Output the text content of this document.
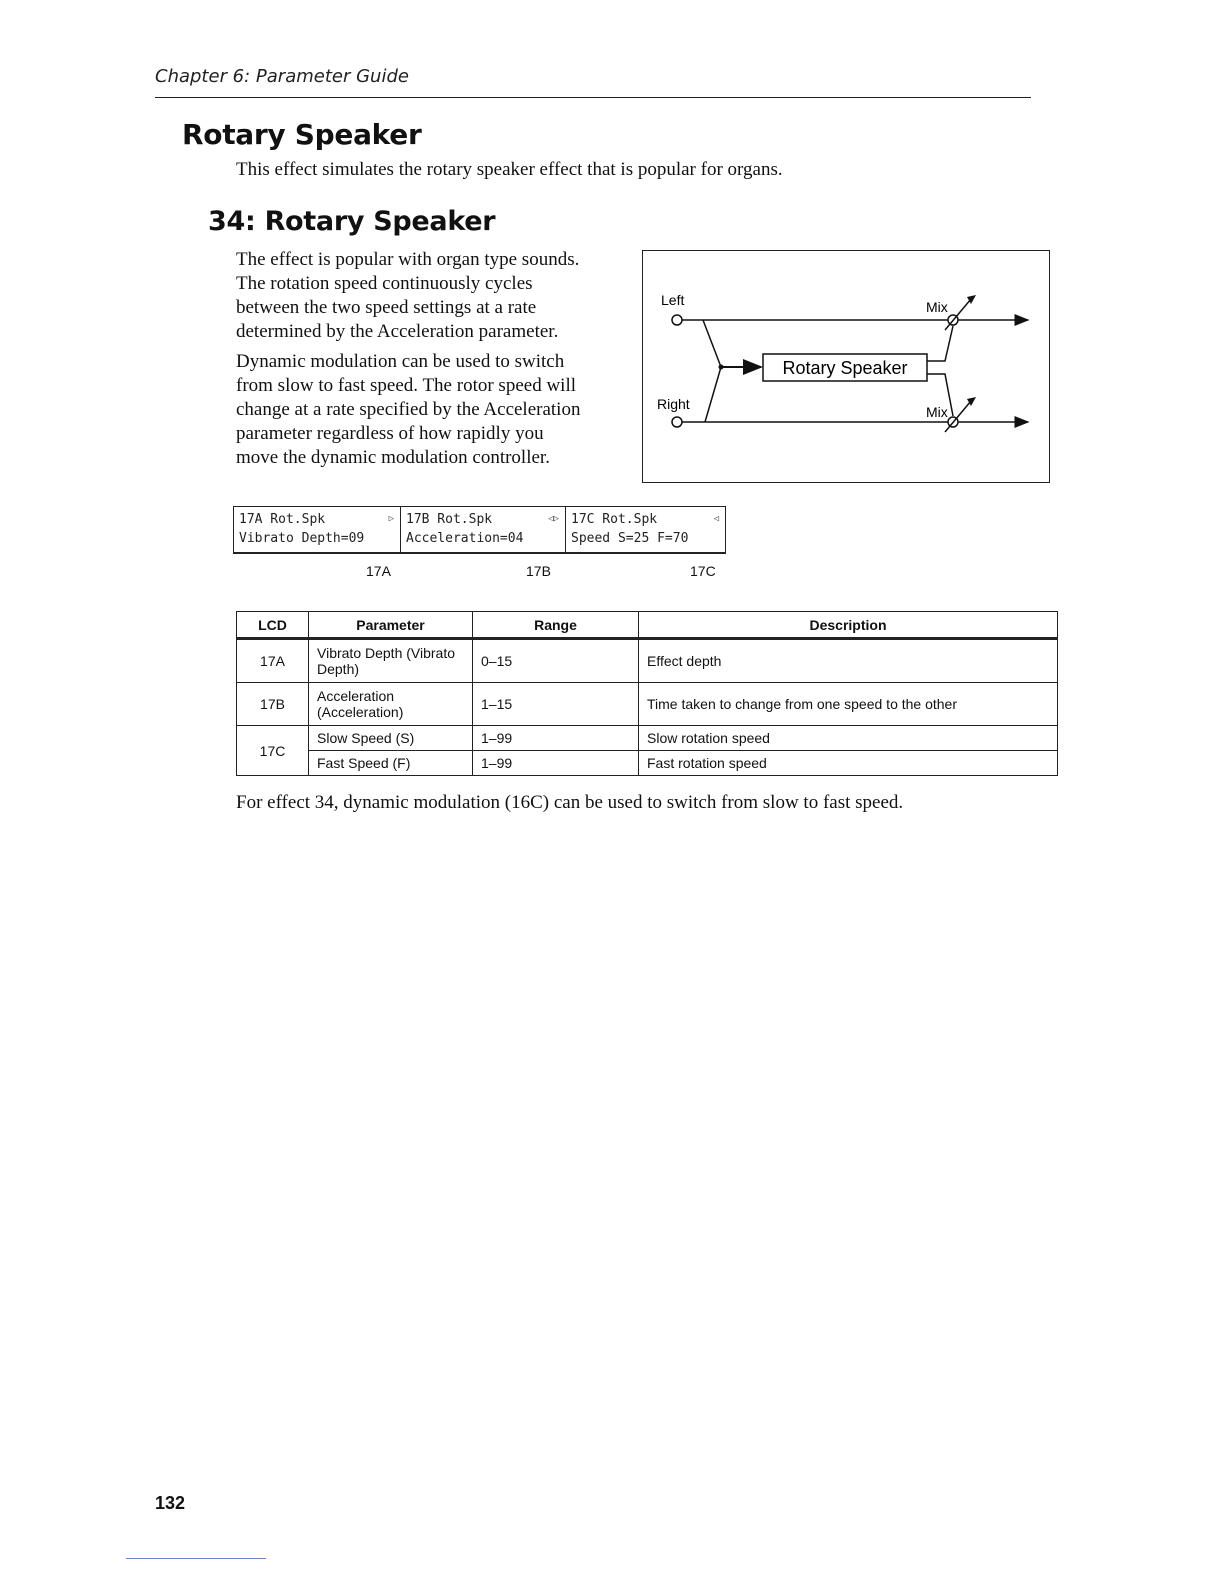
Chapter 6: Parameter Guide
Rotary Speaker
This effect simulates the rotary speaker effect that is popular for organs.
34: Rotary Speaker
The effect is popular with organ type sounds.
The rotation speed continuously cycles
between the two speed settings at a rate
determined by the Acceleration parameter.
Dynamic modulation can be used to switch
from slow to fast speed. The rotor speed will
change at a rate specified by the Acceleration
parameter regardless of how rapidly you
move the dynamic modulation controller.
Left
Right
Rotary Speaker
Mix
Mix
17A Rot.Spk
Vibrato Depth=09
▷ 17B Rot.Spk
Acceleration=04
◁▷ 17C Rot.Spk
Speed S=25 F=70
◁
17A	17B	17C
LCD	Parameter	Range	Description
17A	Vibrato Depth (Vibrato
Depth)	0–15	Effect depth
17B	Acceleration
(Acceleration)	1–15	Time taken to change from one speed to the other
17C	Slow Speed (S)	1–99	Slow rotation speed
	Fast Speed (F)	1–99	Fast rotation speed
For effect 34, dynamic modulation (16C) can be used to switch from slow to fast speed.
132
